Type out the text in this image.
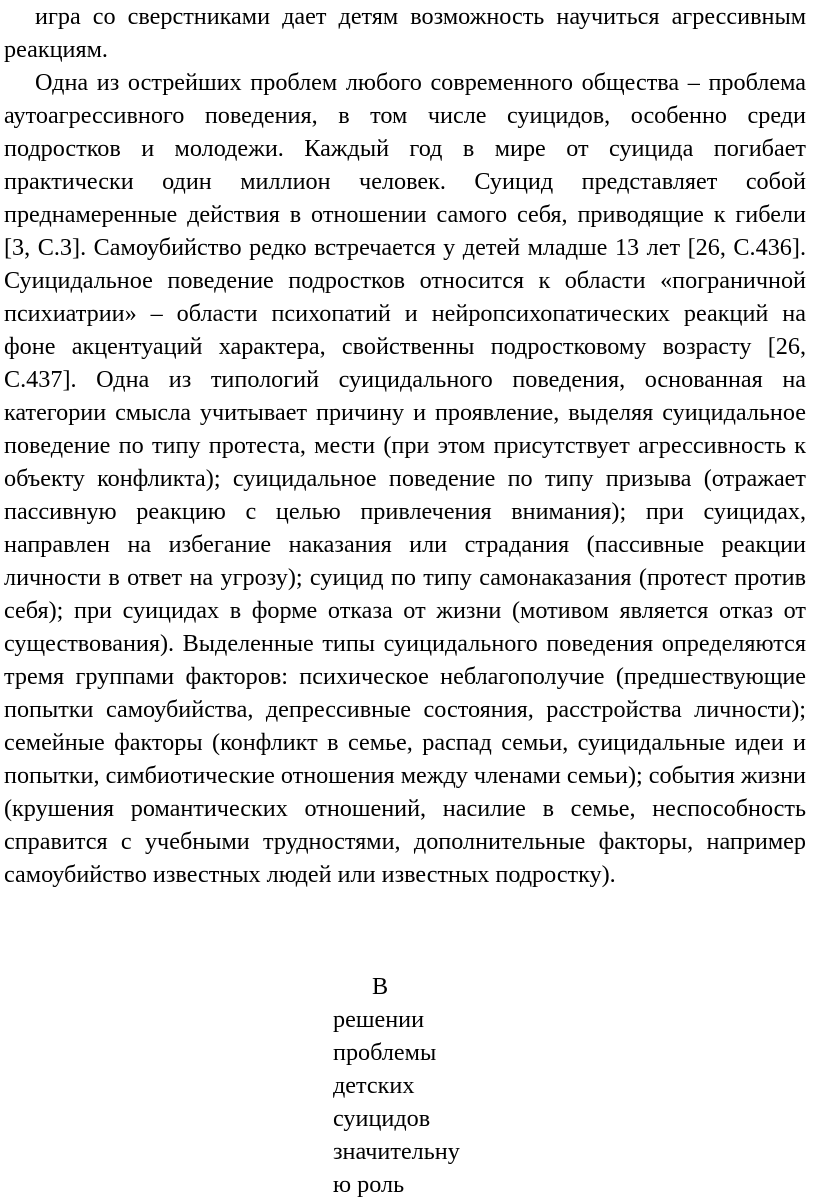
игра со сверстниками дает детям возможность научиться агрессивным реакциям.

Одна из острейших проблем любого современного общества – проблема аутоагрессивного поведения, в том числе суицидов, особенно среди подростков и молодежи. Каждый год в мире от суицида погибает практически один миллион человек. Суицид представляет собой преднамеренные действия в отношении самого себя, приводящие к гибели [3, С.3]. Самоубийство редко встречается у детей младше 13 лет [26, С.436]. Суицидальное поведение подростков относится к области «пограничной психиатрии» – области психопатий и нейропсихопатических реакций на фоне акцентуаций характера, свойственны подростковому возрасту [26, С.437]. Одна из типологий суицидального поведения, основанная на категории смысла учитывает причину и проявление, выделяя суицидальное поведение по типу протеста, мести (при этом присутствует агрессивность к объекту конфликта); суицидальное поведение по типу призыва (отражает пассивную реакцию с целью привлечения внимания); при суицидах, направлен на избегание наказания или страдания (пассивные реакции личности в ответ на угрозу); суицид по типу самонаказания (протест против себя); при суицидах в форме отказа от жизни (мотивом является отказ от существования). Выделенные типы суицидального поведения определяются тремя группами факторов: психическое неблагополучие (предшествующие попытки самоубийства, депрессивные состояния, расстройства личности); семейные факторы (конфликт в семье, распад семьи, суицидальные идеи и попытки, симбиотические отношения между членами семьи); события жизни (крушения романтических отношений, насилие в семье, неспособность справится с учебными трудностями, дополнительные факторы, например самоубийство известных людей или известных подростку).

В
решении
проблемы
детских
суицидов
значительну
ю роль
